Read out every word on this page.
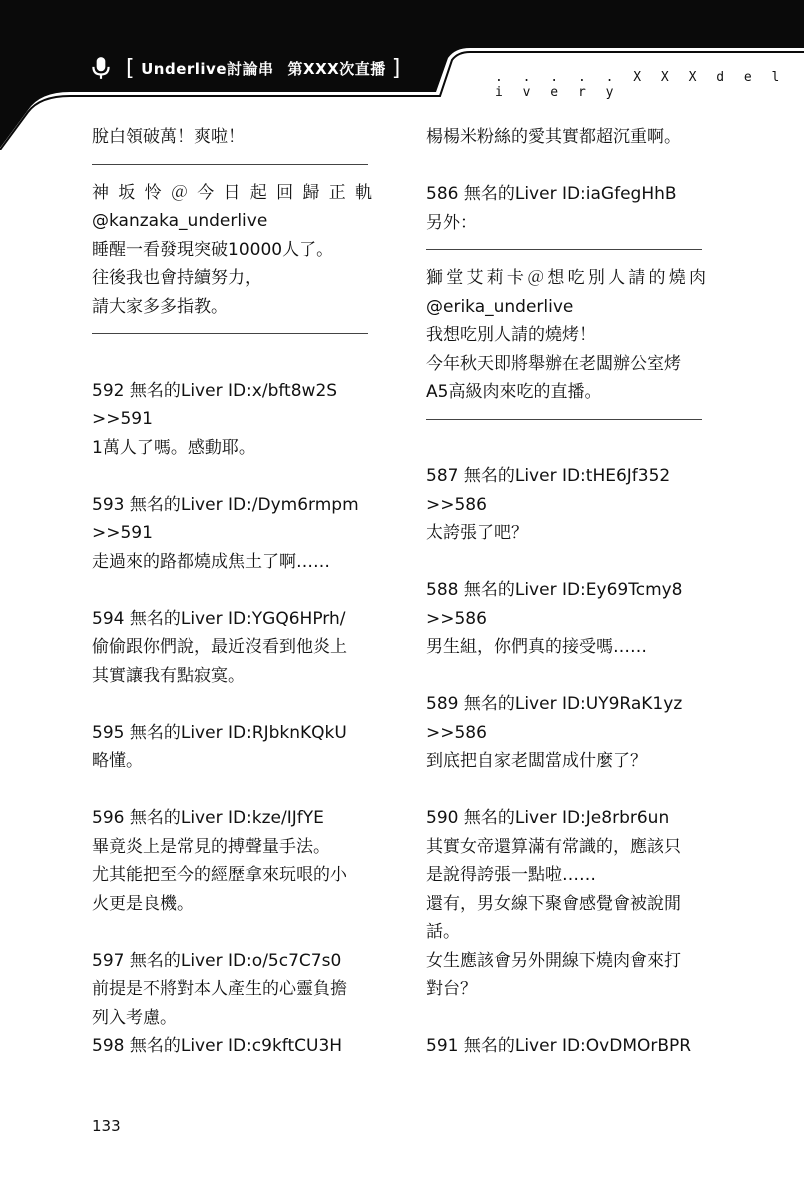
[ Underlive討論串 第XXX次直播 ]	. . . . . X X X d e l i v e r y
脫白領破萬！爽啦！
神坂怜＠今日起回歸正軌
@kanzaka_underlive
睡醒一看發現突破10000人了。
往後我也會持續努力，
請大家多多指教。
592 無名的Liver ID:x/bft8w2S
>>591
1萬人了嗎。感動耶。
593 無名的Liver ID:/Dym6rmpm
>>591
走過來的路都燒成焦土了啊……
594 無名的Liver ID:YGQ6HPrh/
偷偷跟你們說，最近沒看到他炎上
其實讓我有點寂寞。
595 無名的Liver ID:RJbknKQkU
略懂。
596 無名的Liver ID:kze/IJfYE
畢竟炎上是常見的搏聲量手法。
尤其能把至今的經歷拿來玩哏的小
火更是良機。
597 無名的Liver ID:o/5c7C7s0
前提是不將對本人產生的心靈負擔
列入考慮。
598 無名的Liver ID:c9kftCU3H
楊楊米粉絲的愛其實都超沉重啊。
586 無名的Liver ID:iaGfegHhB
另外：
獅堂艾莉卡＠想吃別人請的燒肉
@erika_underlive
我想吃別人請的燒烤！
今年秋天即將舉辦在老闆辦公室烤
A5高級肉來吃的直播。
587 無名的Liver ID:tHE6Jf352
>>586
太誇張了吧？
588 無名的Liver ID:Ey69Tcmy8
>>586
男生組，你們真的接受嗎……
589 無名的Liver ID:UY9RaK1yz
>>586
到底把自家老闆當成什麼了？
590 無名的Liver ID:Je8rbr6un
其實女帝還算滿有常識的，應該只
是說得誇張一點啦……
還有，男女線下聚會感覺會被說閒
話。
女生應該會另外開線下燒肉會來打
對台？
591 無名的Liver ID:OvDMOrBPR
133
